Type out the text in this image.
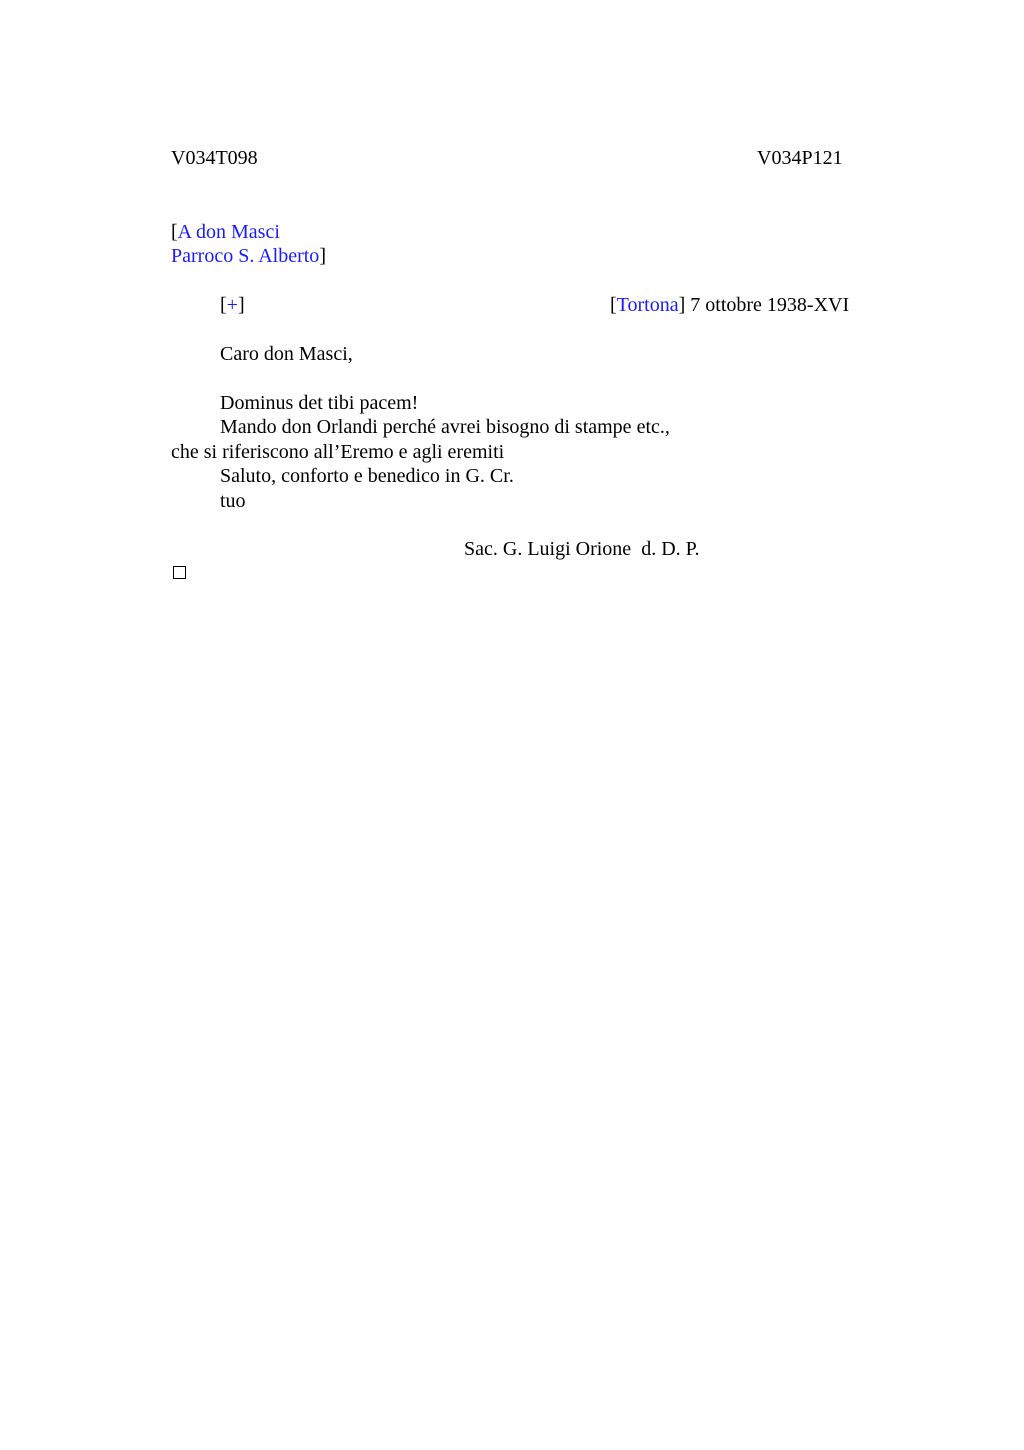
V034T098	V034P121
[A don Masci
Parroco S. Alberto]
[+]	[Tortona] 7 ottobre 1938-XVI
Caro don Masci,
Dominus det tibi pacem!
Mando don Orlandi perché avrei bisogno di stampe etc.,
che si riferiscono all’Eremo e agli eremiti
Saluto, conforto e benedico in G. Cr.
tuo
Sac. G. Luigi Orione  d. D. P.
